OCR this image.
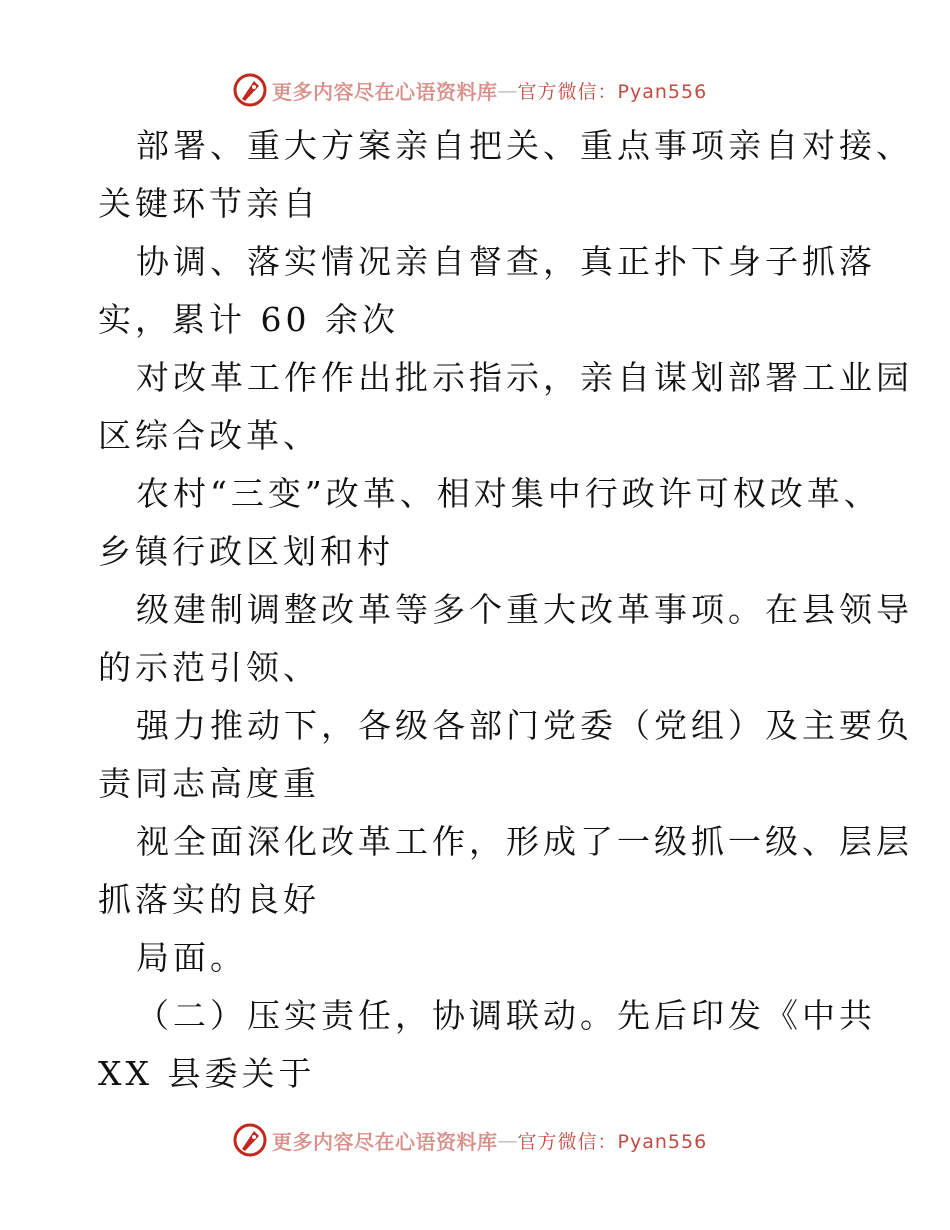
更多内容尽在心语资料库 — 官方微信：Pyan556
部署、重大方案亲自把关、重点事项亲自对接、
关键环节亲自
协调、落实情况亲自督查，真正扑下身子抓落
实，累计 60 余次
对改革工作作出批示指示，亲自谋划部署工业园
区综合改革、
农村“三变”改革、相对集中行政许可权改革、
乡镇行政区划和村
级建制调整改革等多个重大改革事项。在县领导
的示范引领、
强力推动下，各级各部门党委（党组）及主要负
责同志高度重
视全面深化改革工作，形成了一级抓一级、层层
抓落实的良好
局面。
（二）压实责任，协调联动。先后印发《中共
XX 县委关于
更多内容尽在心语资料库 — 官方微信：Pyan556
